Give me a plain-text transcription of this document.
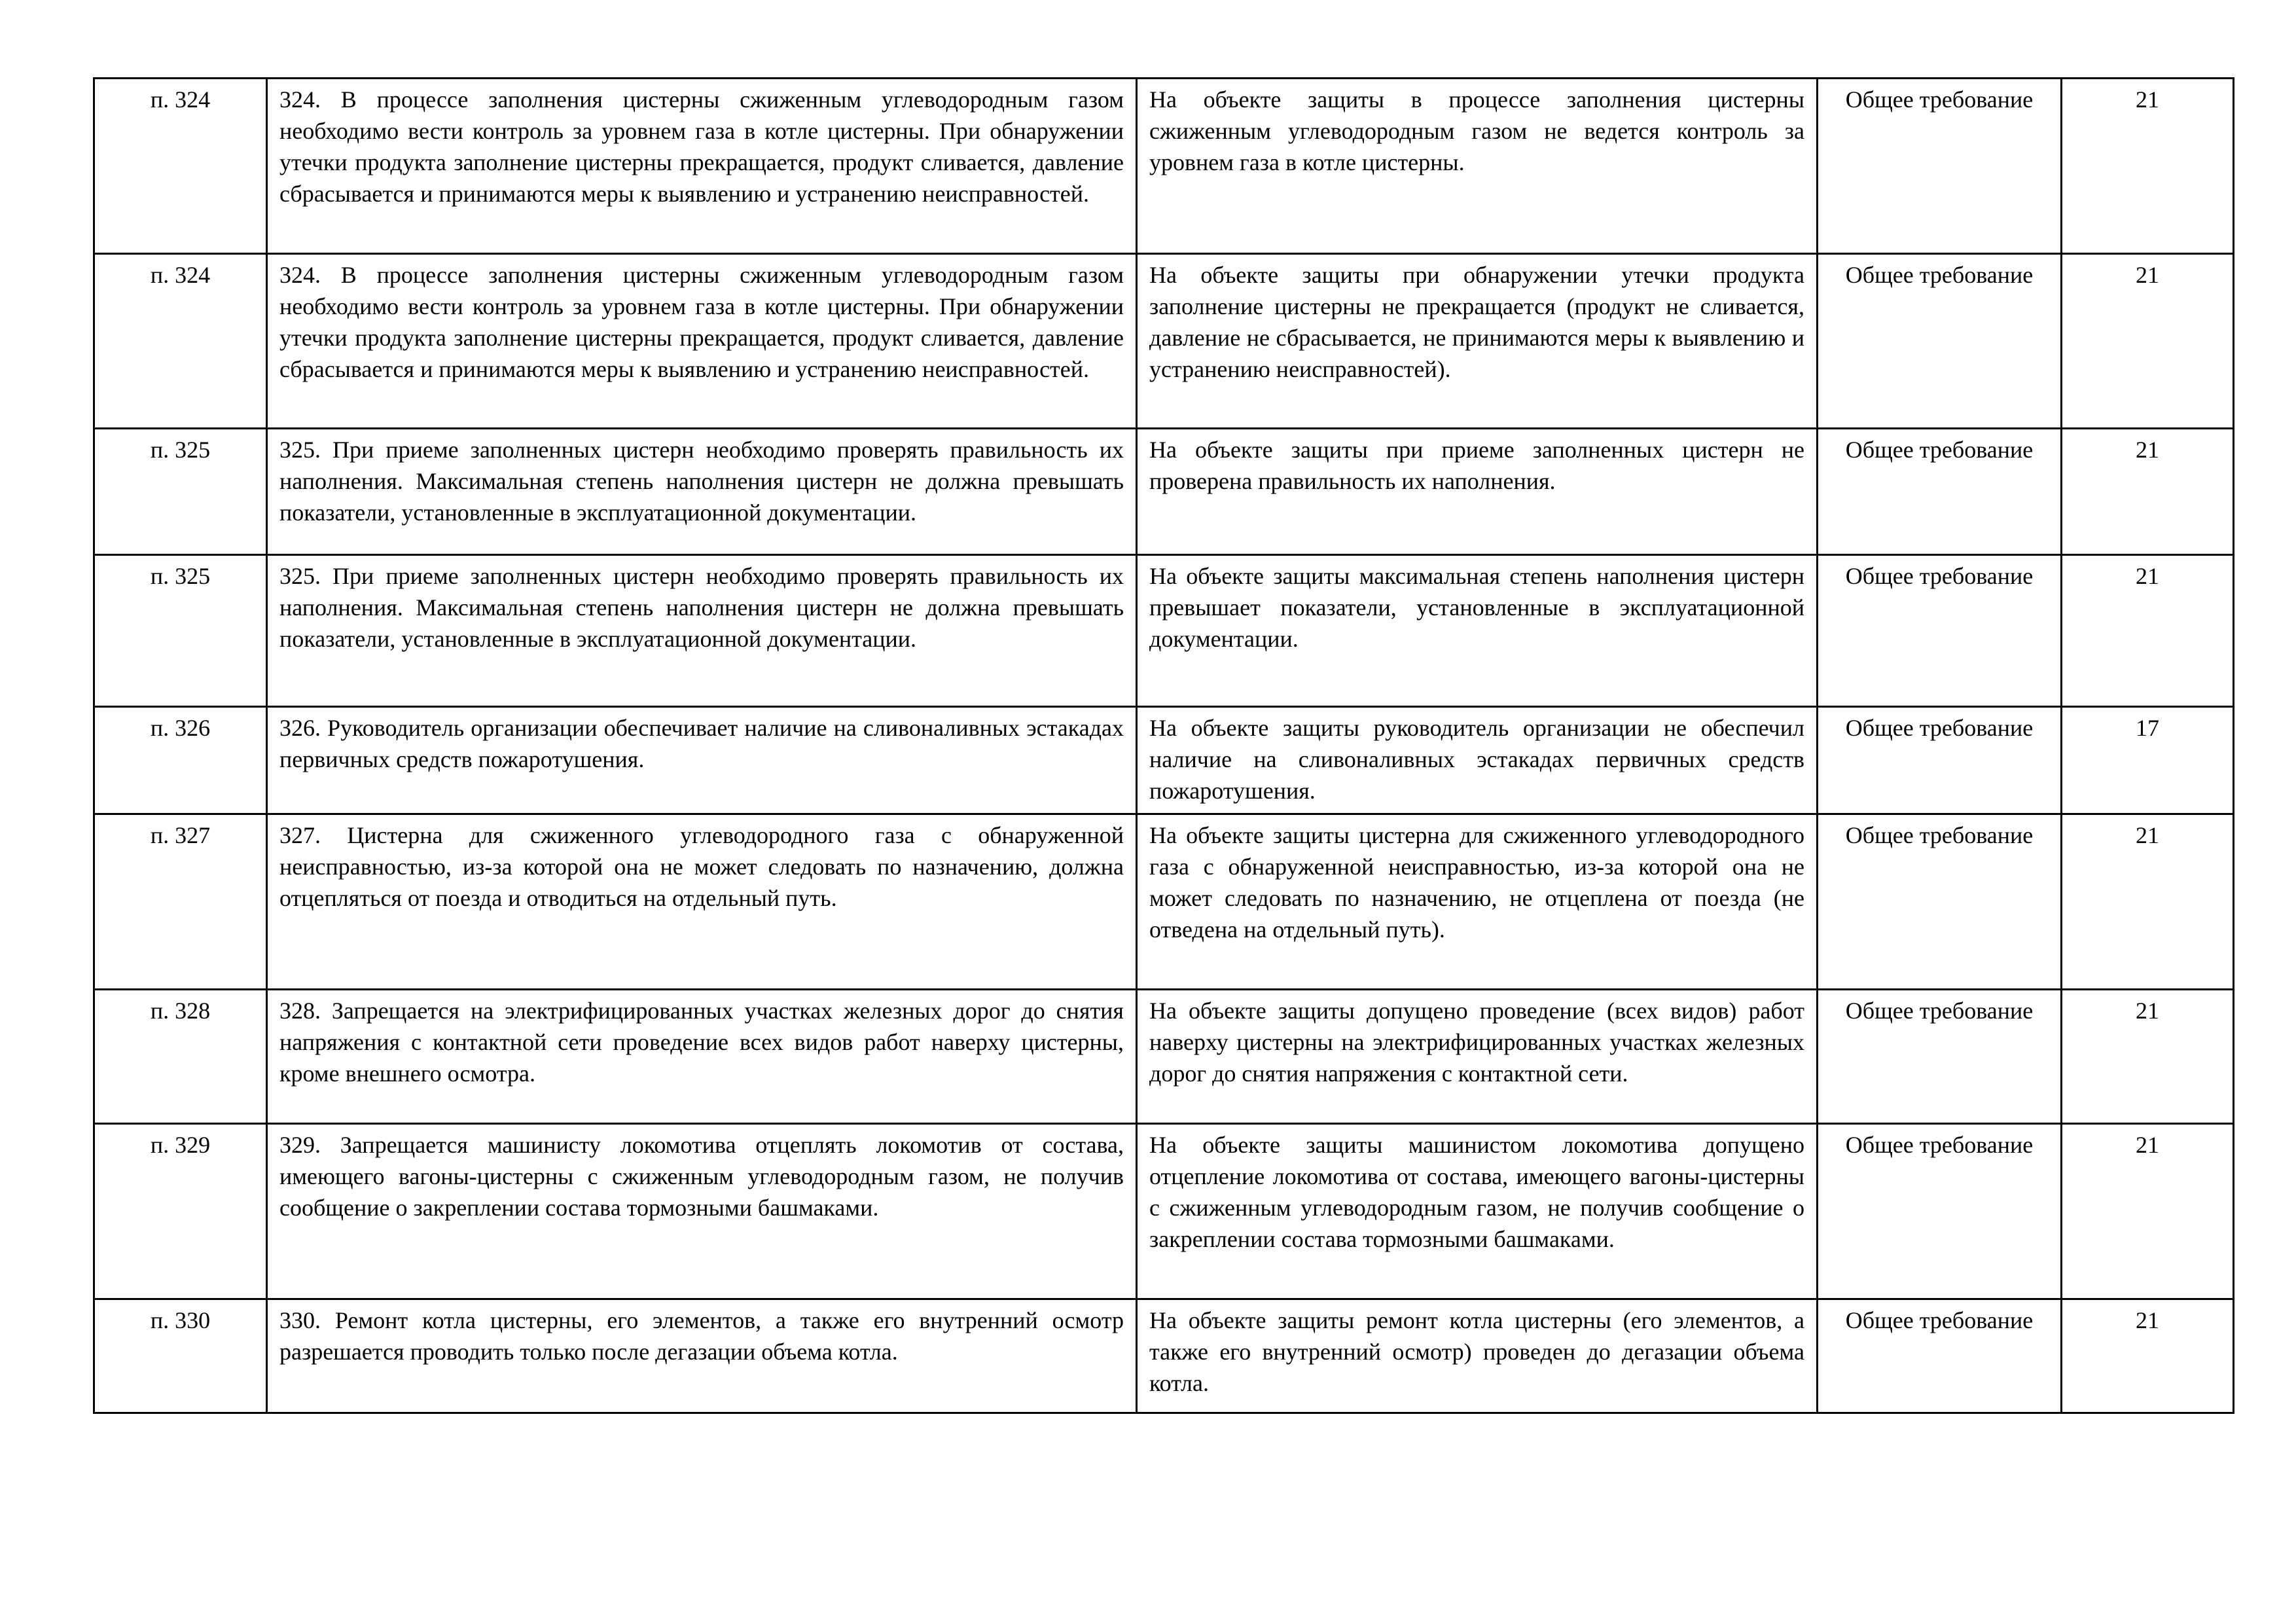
п. 324	324. В процессе заполнения цистерны сжиженным углеводородным газом необходимо вести контроль за уровнем газа в котле цистерны. При обнаружении утечки продукта заполнение цистерны прекращается, продукт сливается, давление сбрасывается и принимаются меры к выявлению и устранению неисправностей.	На объекте защиты в процессе заполнения цистерны сжиженным углеводородным газом не ведется контроль за уровнем газа в котле цистерны.	Общее требование	21

п. 324	324. В процессе заполнения цистерны сжиженным углеводородным газом необходимо вести контроль за уровнем газа в котле цистерны. При обнаружении утечки продукта заполнение цистерны прекращается, продукт сливается, давление сбрасывается и принимаются меры к выявлению и устранению неисправностей.	На объекте защиты при обнаружении утечки продукта заполнение цистерны не прекращается (продукт не сливается, давление не сбрасывается, не принимаются меры к выявлению и устранению неисправностей).	Общее требование	21

п. 325	325. При приеме заполненных цистерн необходимо проверять правильность их наполнения. Максимальная степень наполнения цистерн не должна превышать показатели, установленные в эксплуатационной документации.	На объекте защиты при приеме заполненных цистерн не проверена правильность их наполнения.	Общее требование	21

п. 325	325. При приеме заполненных цистерн необходимо проверять правильность их наполнения. Максимальная степень наполнения цистерн не должна превышать показатели, установленные в эксплуатационной документации.	На объекте защиты максимальная степень наполнения цистерн превышает показатели, установленные в эксплуатационной документации.	Общее требование	21

п. 326	326. Руководитель организации обеспечивает наличие на сливоналивных эстакадах первичных средств пожаротушения.	На объекте защиты руководитель организации не обеспечил наличие на сливоналивных эстакадах первичных средств пожаротушения.	Общее требование	17

п. 327	327. Цистерна для сжиженного углеводородного газа с обнаруженной неисправностью, из-за которой она не может следовать по назначению, должна отцепляться от поезда и отводиться на отдельный путь.	На объекте защиты цистерна для сжиженного углеводородного газа с обнаруженной неисправностью, из-за которой она не может следовать по назначению, не отцеплена от поезда (не отведена на отдельный путь).	Общее требование	21

п. 328	328. Запрещается на электрифицированных участках железных дорог до снятия напряжения с контактной сети проведение всех видов работ наверху цистерны, кроме внешнего осмотра.	На объекте защиты допущено проведение (всех видов) работ наверху цистерны на электрифицированных участках железных дорог до снятия напряжения с контактной сети.	Общее требование	21

п. 329	329. Запрещается машинисту локомотива отцеплять локомотив от состава, имеющего вагоны-цистерны с сжиженным углеводородным газом, не получив сообщение о закреплении состава тормозными башмаками.	На объекте защиты машинистом локомотива допущено отцепление локомотива от состава, имеющего вагоны-цистерны с сжиженным углеводородным газом, не получив сообщение о закреплении состава тормозными башмаками.	Общее требование	21

п. 330	330. Ремонт котла цистерны, его элементов, а также его внутренний осмотр разрешается проводить только после дегазации объема котла.	На объекте защиты ремонт котла цистерны (его элементов, а также его внутренний осмотр) проведен до дегазации объема котла.	Общее требование	21
